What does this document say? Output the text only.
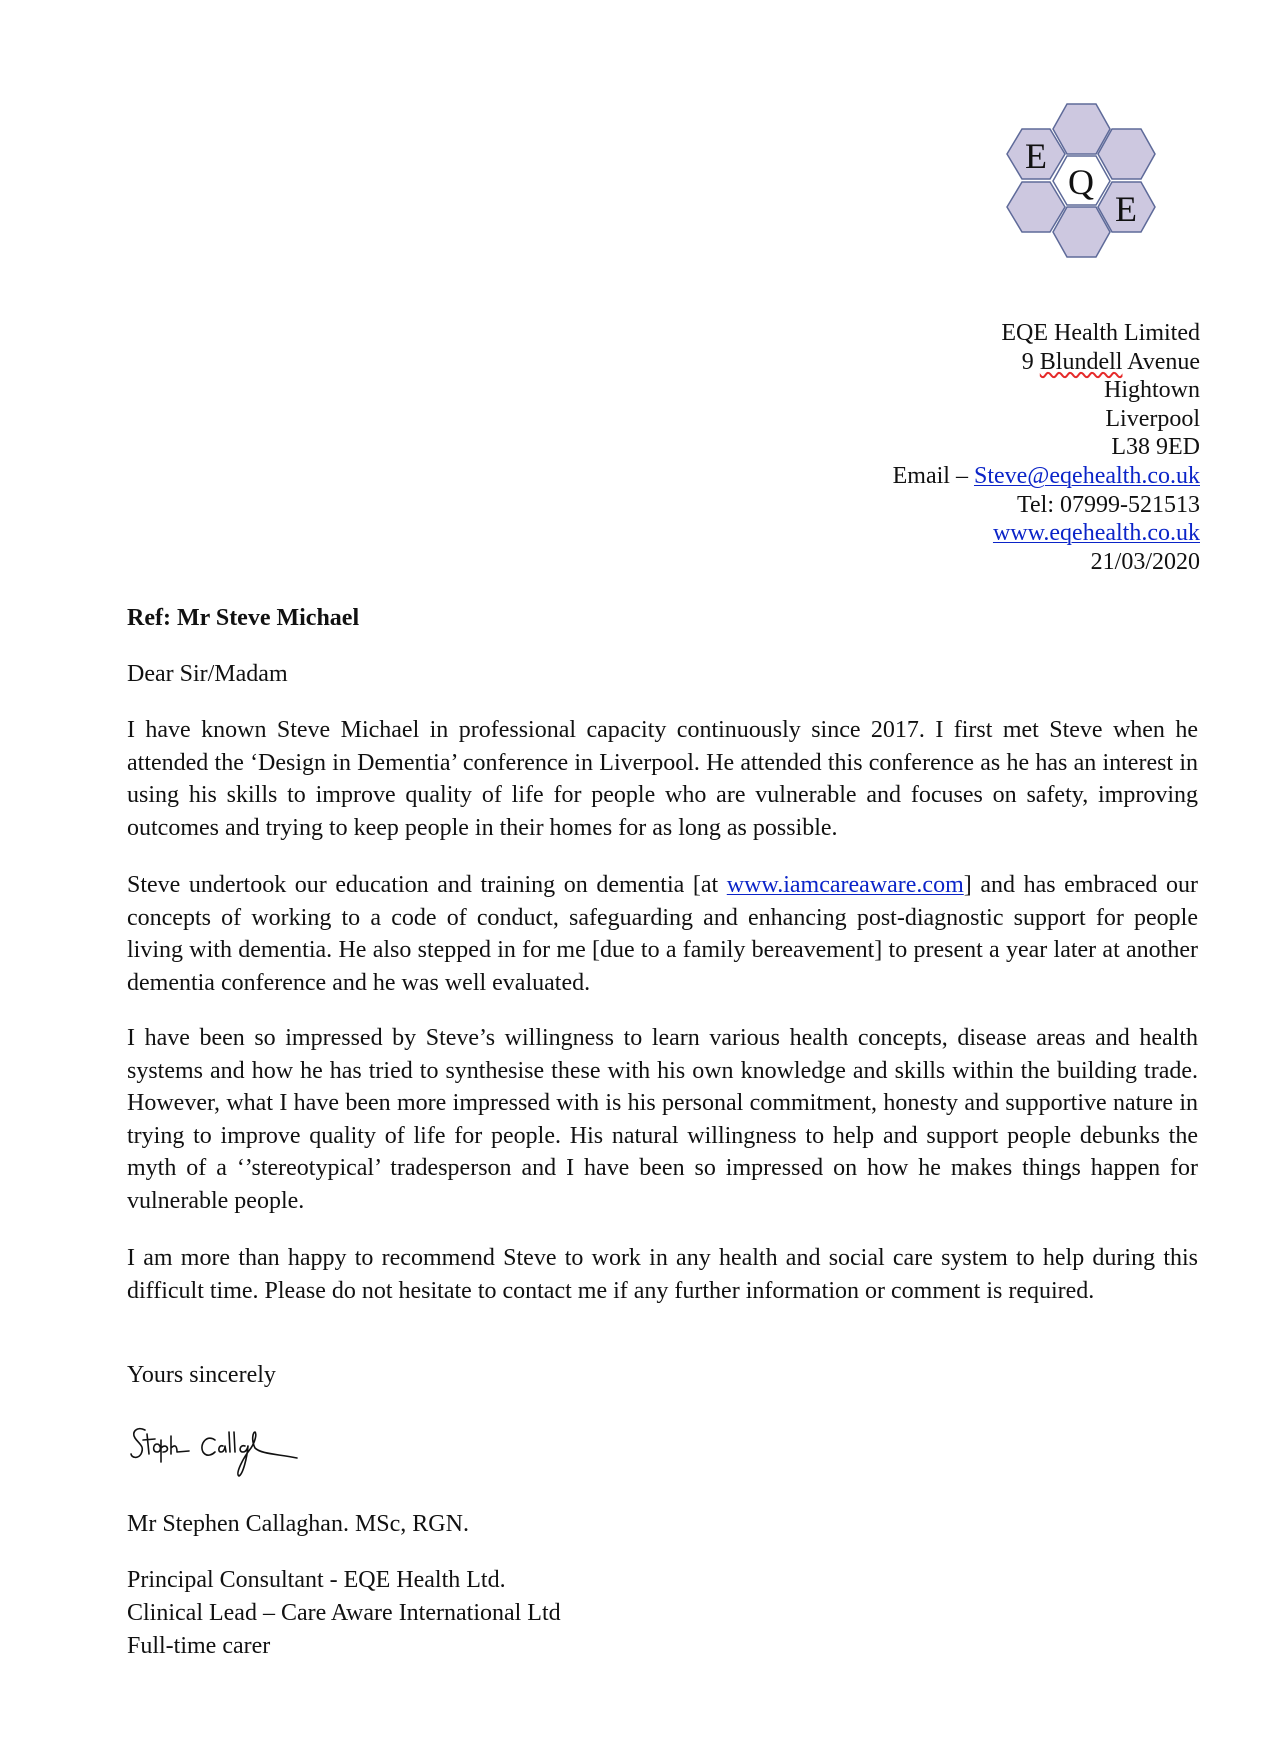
E
Q
E
EQE Health Limited
9 Blundell Avenue
Hightown
Liverpool
L38 9ED
Email – Steve@eqehealth.co.uk
Tel: 07999-521513
www.eqehealth.co.uk
21/03/2020
Ref: Mr Steve Michael
Dear Sir/Madam

I have known Steve Michael in professional capacity continuously since 2017. I first met Steve when he attended the ‘Design in Dementia’ conference in Liverpool. He attended this conference as he has an interest in using his skills to improve quality of life for people who are vulnerable and focuses on safety, improving outcomes and trying to keep people in their homes for as long as possible.

Steve undertook our education and training on dementia [at www.iamcareaware.com] and has embraced our concepts of working to a code of conduct, safeguarding and enhancing post-diagnostic support for people living with dementia. He also stepped in for me [due to a family bereavement] to present a year later at another dementia conference and he was well evaluated.

I have been so impressed by Steve’s willingness to learn various health concepts, disease areas and health systems and how he has tried to synthesise these with his own knowledge and skills within the building trade. However, what I have been more impressed with is his personal commitment, honesty and supportive nature in trying to improve quality of life for people. His natural willingness to help and support people debunks the myth of a ‘’stereotypical’ tradesperson and I have been so impressed on how he makes things happen for vulnerable people.

I am more than happy to recommend Steve to work in any health and social care system to help during this difficult time. Please do not hesitate to contact me if any further information or comment is required.

Yours sincerely
Mr Stephen Callaghan. MSc, RGN.
Principal Consultant - EQE Health Ltd.
Clinical Lead – Care Aware International Ltd
Full-time carer
